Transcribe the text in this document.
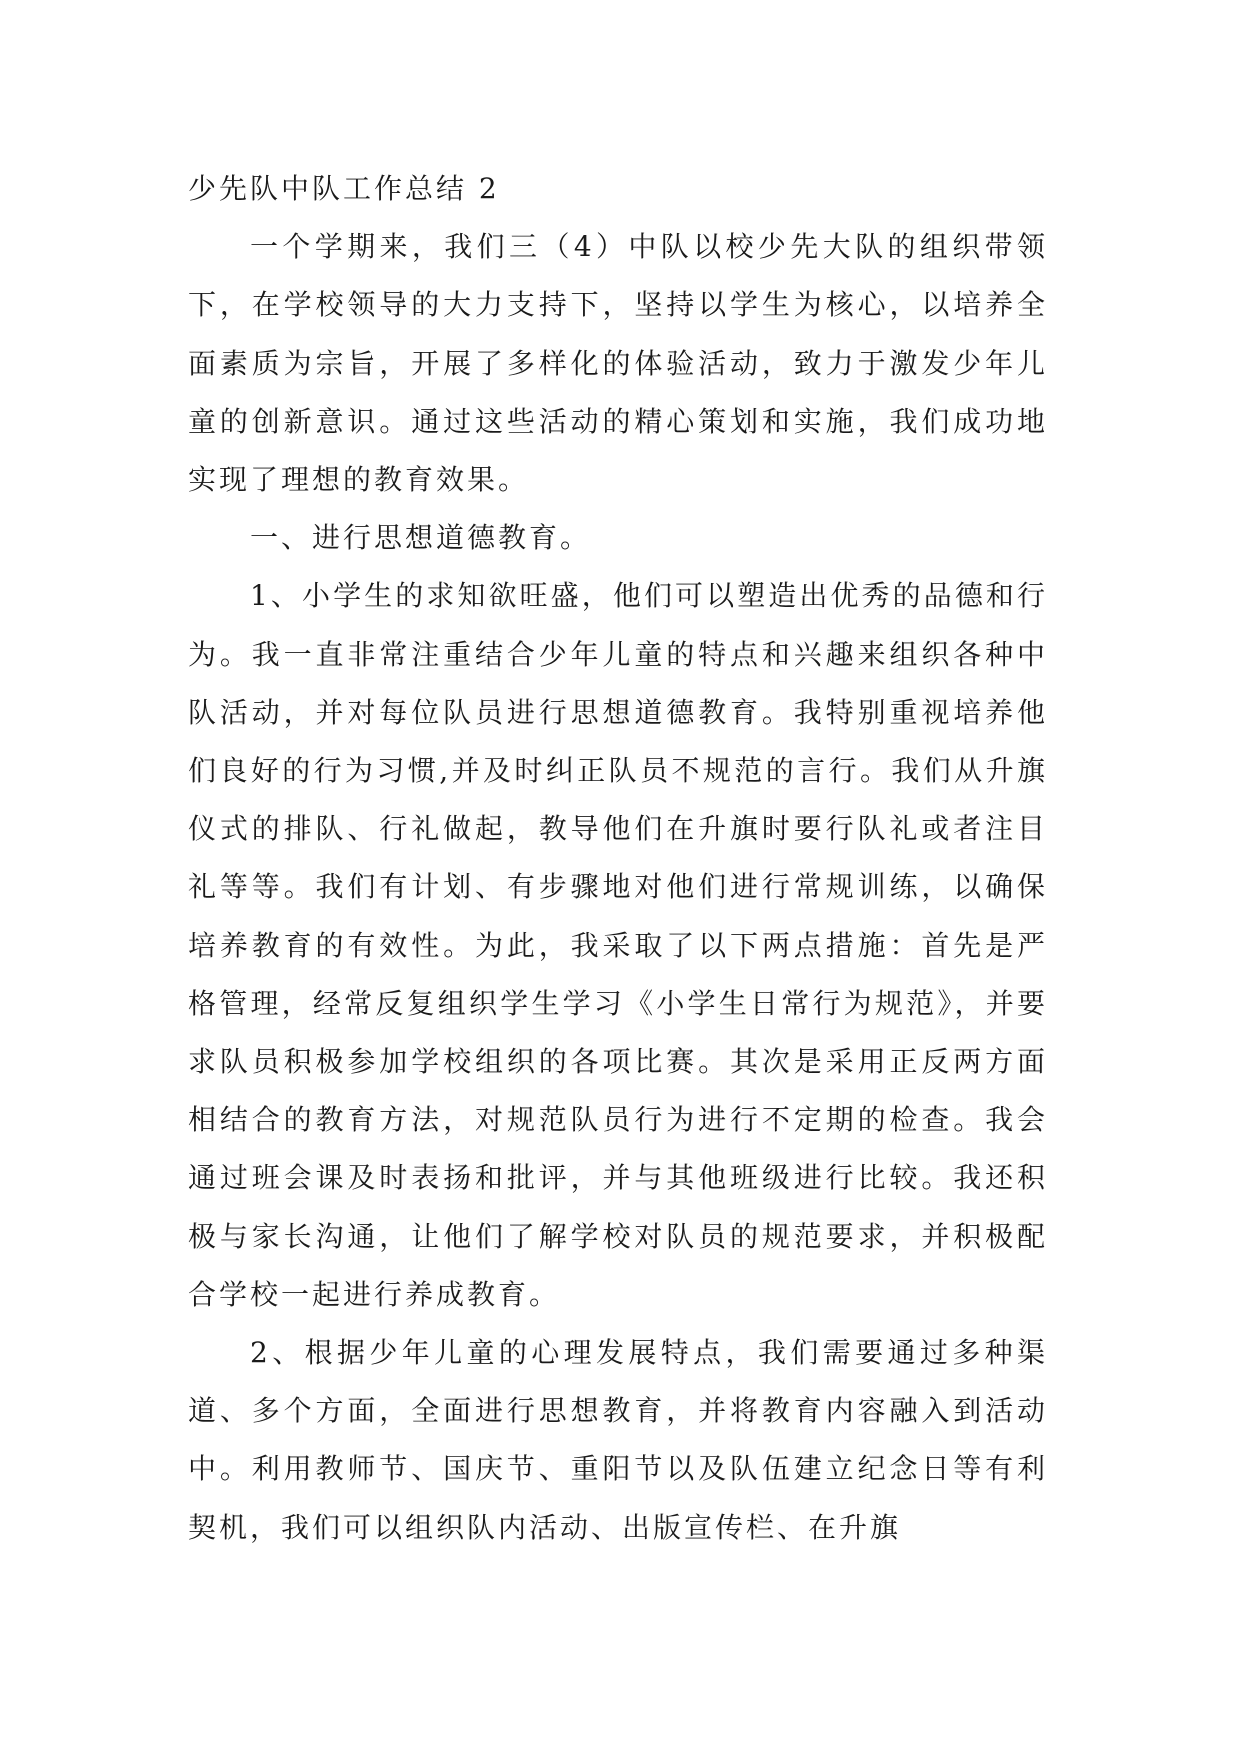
少先队中队工作总结 2

一个学期来，我们三（4）中队以校少先大队的组织带领下，在学校领导的大力支持下，坚持以学生为核心，以培养全面素质为宗旨，开展了多样化的体验活动，致力于激发少年儿童的创新意识。通过这些活动的精心策划和实施，我们成功地实现了理想的教育效果。

一、进行思想道德教育。

1、小学生的求知欲旺盛，他们可以塑造出优秀的品德和行为。我一直非常注重结合少年儿童的特点和兴趣来组织各种中队活动，并对每位队员进行思想道德教育。我特别重视培养他们良好的行为习惯,并及时纠正队员不规范的言行。我们从升旗仪式的排队、行礼做起，教导他们在升旗时要行队礼或者注目礼等等。我们有计划、有步骤地对他们进行常规训练，以确保培养教育的有效性。为此，我采取了以下两点措施：首先是严格管理，经常反复组织学生学习《小学生日常行为规范》，并要求队员积极参加学校组织的各项比赛。其次是采用正反两方面相结合的教育方法，对规范队员行为进行不定期的检查。我会通过班会课及时表扬和批评，并与其他班级进行比较。我还积极与家长沟通，让他们了解学校对队员的规范要求，并积极配合学校一起进行养成教育。

2、根据少年儿童的心理发展特点，我们需要通过多种渠道、多个方面，全面进行思想教育，并将教育内容融入到活动中。利用教师节、国庆节、重阳节以及队伍建立纪念日等有利契机，我们可以组织队内活动、出版宣传栏、在升旗
